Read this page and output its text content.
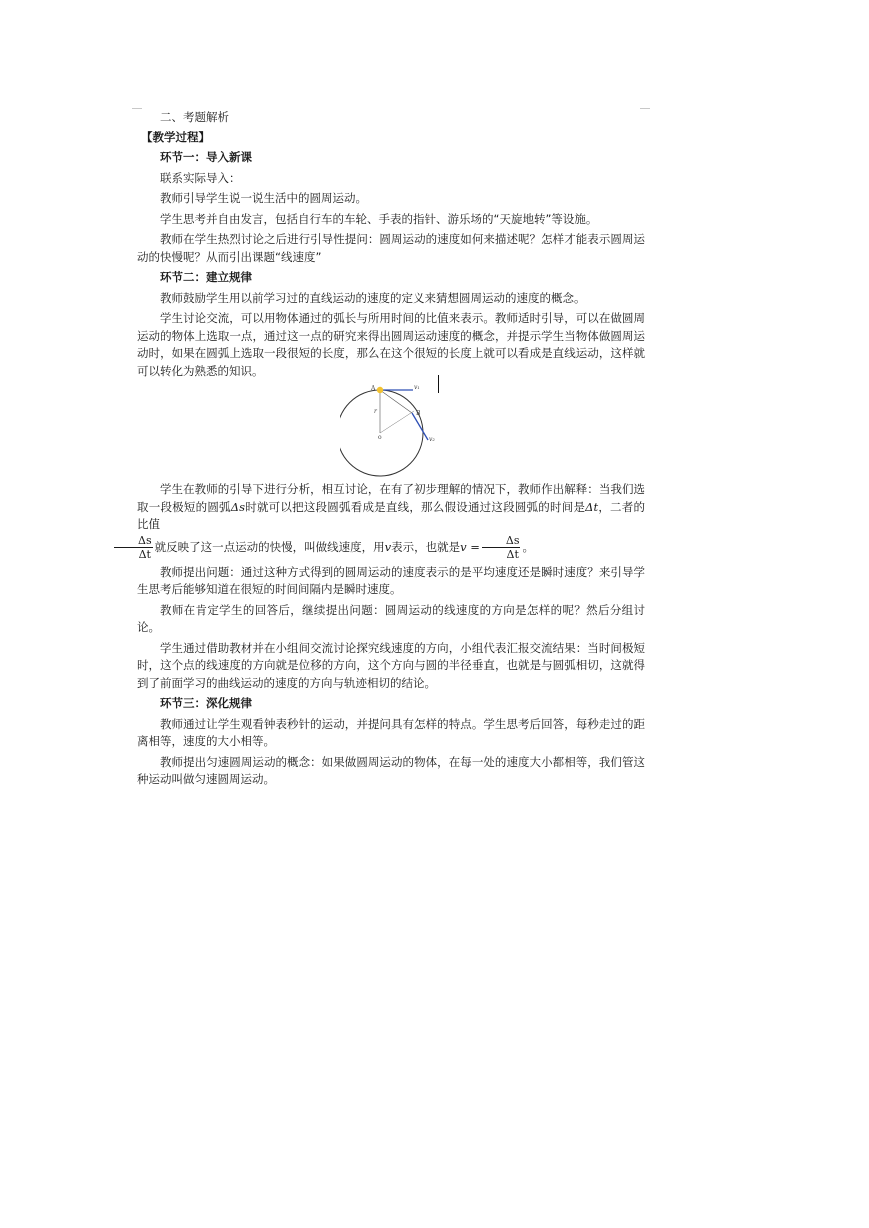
二、考题解析

【教学过程】

环节一：导入新课

联系实际导入：

教师引导学生说一说生活中的圆周运动。

学生思考并自由发言，包括自行车的车轮、手表的指针、游乐场的“天旋地转”等设施。

教师在学生热烈讨论之后进行引导性提问：圆周运动的速度如何来描述呢？怎样才能表示圆周运动的快慢呢？从而引出课题“线速度”

环节二：建立规律

教师鼓励学生用以前学习过的直线运动的速度的定义来猜想圆周运动的速度的概念。

学生讨论交流，可以用物体通过的弧长与所用时间的比值来表示。教师适时引导，可以在做圆周运动的物体上选取一点，通过这一点的研究来得出圆周运动速度的概念，并提示学生当物体做圆周运动时，如果在圆弧上选取一段很短的长度，那么在这个很短的长度上就可以看成是直线运动，这样就可以转化为熟悉的知识。

A	v₁
B
v₂
r
o

学生在教师的引导下进行分析，相互讨论，在有了初步理解的情况下，教师作出解释：当我们选取一段极短的圆弧Δs时就可以把这段圆弧看成是直线，那么假设通过这段圆弧的时间是Δt，二者的比值

$\frac{\Delta s}{\Delta t}$ 就反映了这一点运动的快慢，叫做线速度，用v表示，也就是$v = \frac{\Delta s}{\Delta t}$ 。

教师提出问题：通过这种方式得到的圆周运动的速度表示的是平均速度还是瞬时速度？来引导学生思考后能够知道在很短的时间间隔内是瞬时速度。

教师在肯定学生的回答后，继续提出问题：圆周运动的线速度的方向是怎样的呢？然后分组讨论。

学生通过借助教材并在小组间交流讨论探究线速度的方向，小组代表汇报交流结果：当时间极短时，这个点的线速度的方向就是位移的方向，这个方向与圆的半径垂直，也就是与圆弧相切，这就得到了前面学习的曲线运动的速度的方向与轨迹相切的结论。

环节三：深化规律

教师通过让学生观看钟表秒针的运动，并提问具有怎样的特点。学生思考后回答，每秒走过的距离相等，速度的大小相等。

教师提出匀速圆周运动的概念：如果做圆周运动的物体，在每一处的速度大小都相等，我们管这种运动叫做匀速圆周运动。
